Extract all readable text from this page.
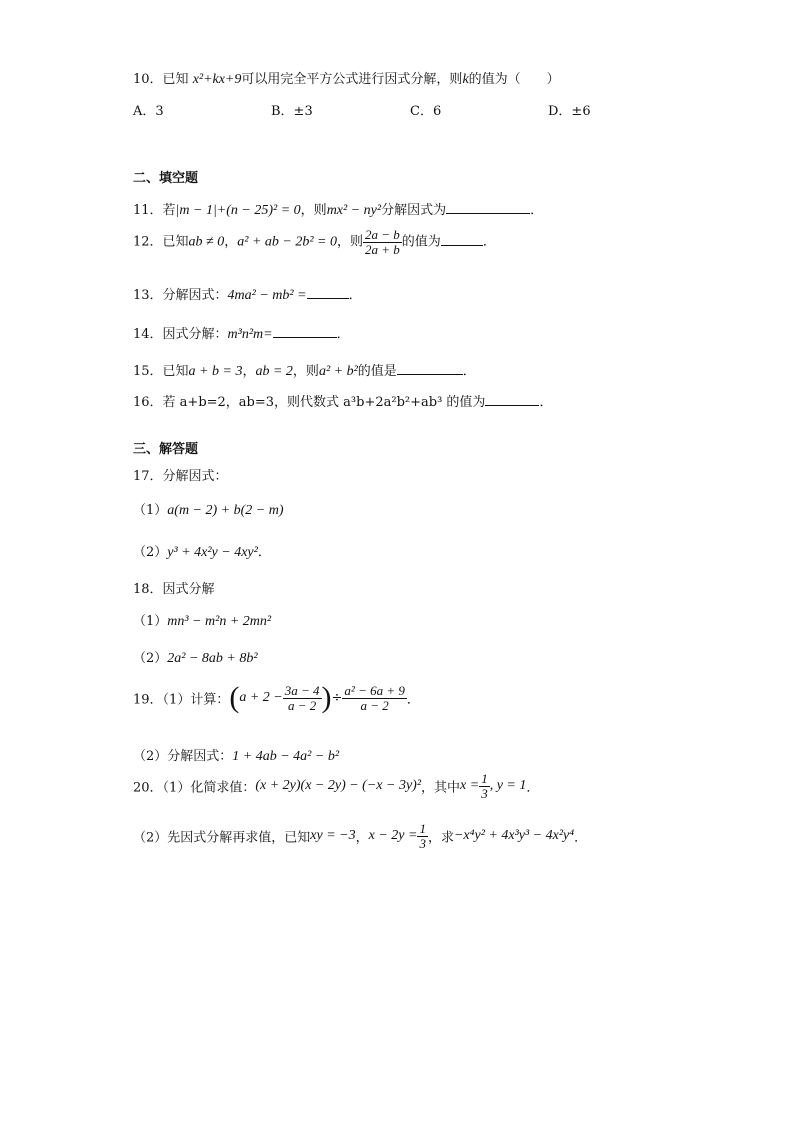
10．已知 x²+kx+9可以用完全平方公式进行因式分解，则k的值为（　　）
A．3	B．±3	C．6	D．±6
二、填空题
11．若|m − 1|+(n − 25)² = 0，则mx² − ny²分解因式为	．
12．已知ab ≠ 0，a² + ab − 2b² = 0，则 $\frac{2a - b}{2a + b}$ 的值为	．
13．分解因式：4ma² − mb² =	．
14．因式分解：m³n²m=	．
15．已知a + b = 3，ab = 2，则a² + b²的值是	．
16．若 a+b=2，ab=3，则代数式 a³b+2a²b²+ab³ 的值为	．
三、解答题
17．分解因式：
（1）a(m − 2) + b(2 − m)
（2）y³ + 4x²y − 4xy²．
18．因式分解
（1）mn³ − m²n + 2mn²
（2）2a² − 8ab + 8b²
19．（1）计算：($a + 2 - \frac{3a - 4}{a - 2}$ )÷ $\frac{\text{a² − 6a + 9}}{a - 2}$ ．
（2）分解因式：1 + 4ab − 4a² − b²
20．（1）化简求值：(x + 2y)(x − 2y) − (−x − 3y)²，其中$x = \frac{1}{3}$ , y = 1．
（2）先因式分解再求值，已知xy = −3，$x - 2y = \frac{1}{3}$ ，求−x⁴y² + 4x³y³ − 4x²y⁴．
